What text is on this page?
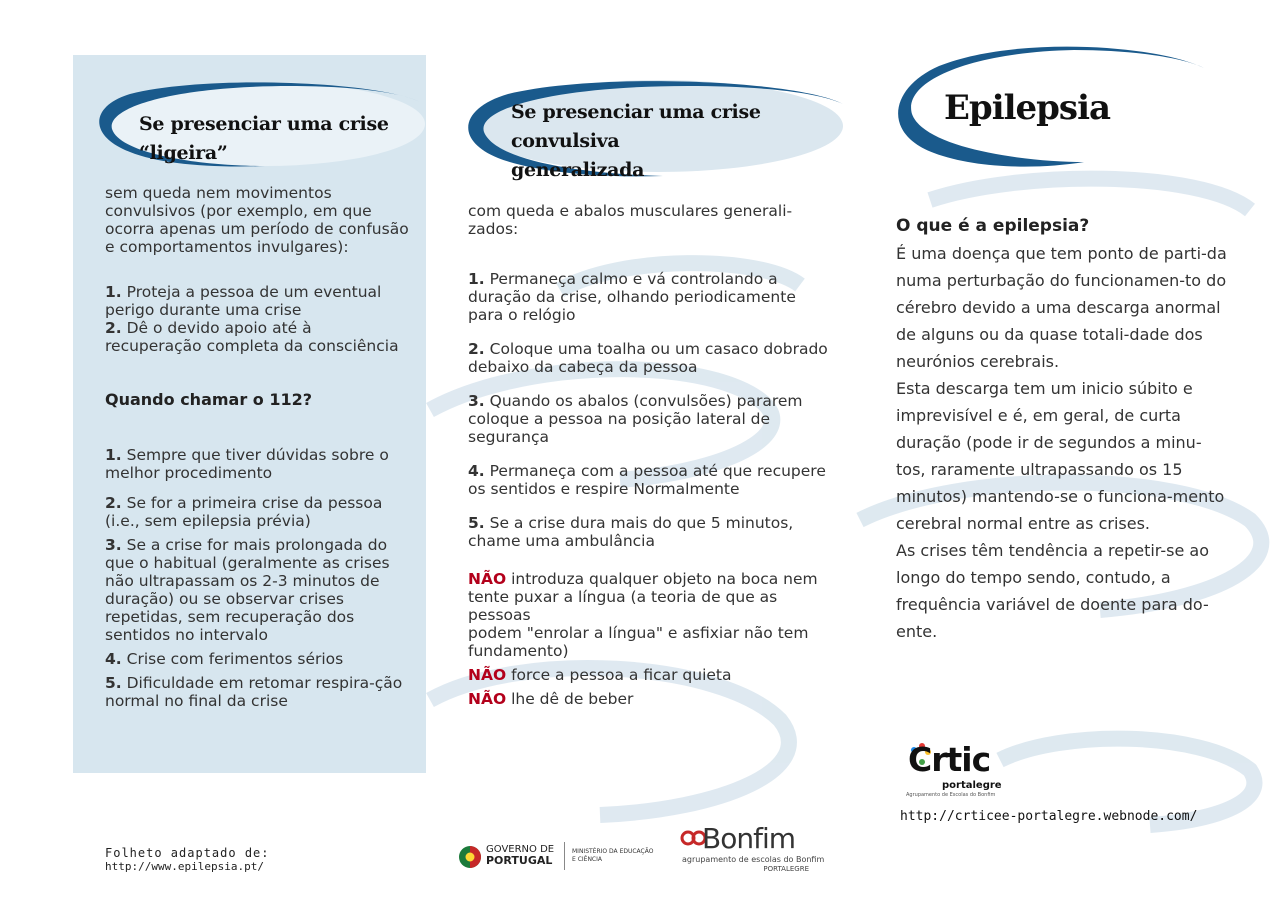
Se presenciar uma crise “ligeira”
Se presenciar uma crise convulsiva
generalizada
Epilepsia

sem queda nem movimentos convulsivos (por exemplo, em que ocorra apenas um período de confusão e comportamentos invulgares):

1. Proteja a pessoa de um eventual perigo durante uma crise

2. Dê o devido apoio até à recuperação completa da consciência

Quando chamar o 112?

1. Sempre que tiver dúvidas sobre o melhor procedimento

2. Se for a primeira crise da pessoa (i.e., sem epilepsia prévia)

3. Se a crise for mais prolongada do que o habitual (geralmente as crises não ultrapassam os 2-3 minutos de duração) ou se observar crises repetidas, sem recuperação dos sentidos no intervalo

4. Crise com ferimentos sérios

5. Dificuldade em retomar respira-ção normal no final da crise

com queda e abalos musculares generali-zados:

1. Permaneça calmo e vá controlando a duração da crise, olhando periodicamente para o relógio

2. Coloque uma toalha ou um casaco dobrado debaixo da cabeça da pessoa

3. Quando os abalos (convulsões) pararem coloque a pessoa na posição lateral de segurança

4. Permaneça com a pessoa até que recupere os sentidos e respire Normalmente

5. Se a crise dura mais do que 5 minutos, chame uma ambulância

NÃO introduza qualquer objeto na boca nem tente puxar a língua (a teoria de que as pessoas

podem "enrolar a língua" e asfixiar não tem fundamento)

NÃO force a pessoa a ficar quieta

NÃO lhe dê de beber

O que é a epilepsia?
É uma doença que tem ponto de parti-da numa perturbação do funcionamen-to do cérebro devido a uma descarga anormal de alguns ou da quase totali-dade dos neurónios cerebrais.
Esta descarga tem um inicio súbito e imprevisível e é, em geral, de curta duração (pode ir de segundos a minu-tos, raramente ultrapassando os 15 minutos) mantendo-se o funciona-mento cerebral normal entre as crises.
As crises têm tendência a repetir-se ao longo do tempo sendo, contudo, a frequência variável de doente para do-ente.
Crtic
portalegre
Agrupamento de Escolas do Bonfim
http://crticee-portalegre.webnode.com/
Folheto adaptado de:
http://www.epilepsia.pt/
GOVERNO DE
PORTUGAL
MINISTÉRIO DA EDUCAÇÃO
E CIÊNCIA
Bonfim
agrupamento de escolas do Bonfim
PORTALEGRE
